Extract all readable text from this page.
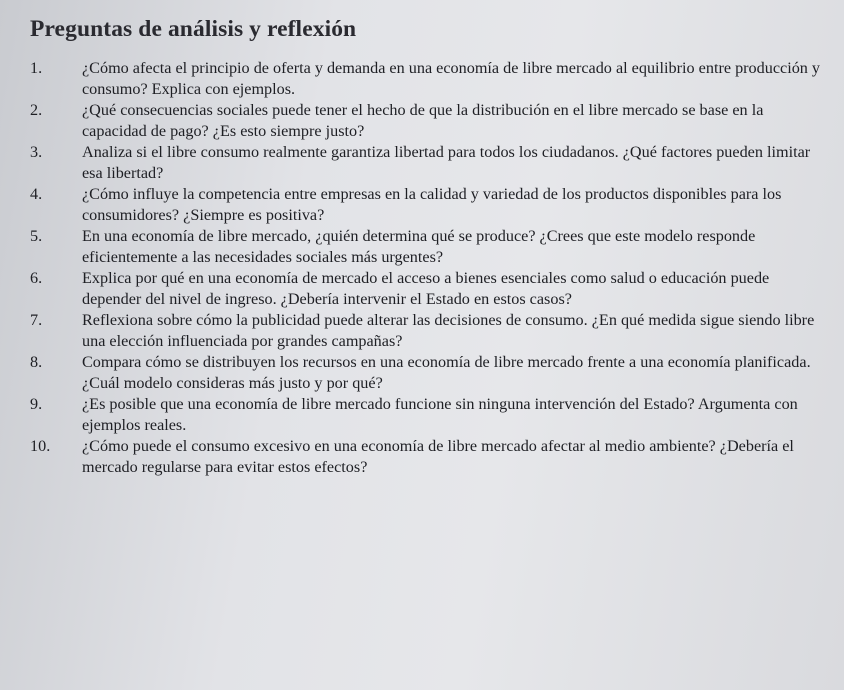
Preguntas de análisis y reflexión
1.	¿Cómo afecta el principio de oferta y demanda en una economía de libre mercado al equilibrio entre producción y consumo? Explica con ejemplos.
2.	¿Qué consecuencias sociales puede tener el hecho de que la distribución en el libre mercado se base en la capacidad de pago? ¿Es esto siempre justo?
3.	Analiza si el libre consumo realmente garantiza libertad para todos los ciudadanos. ¿Qué factores pueden limitar esa libertad?
4.	¿Cómo influye la competencia entre empresas en la calidad y variedad de los productos disponibles para los consumidores? ¿Siempre es positiva?
5.	En una economía de libre mercado, ¿quién determina qué se produce? ¿Crees que este modelo responde eficientemente a las necesidades sociales más urgentes?
6.	Explica por qué en una economía de mercado el acceso a bienes esenciales como salud o educación puede depender del nivel de ingreso. ¿Debería intervenir el Estado en estos casos?
7.	Reflexiona sobre cómo la publicidad puede alterar las decisiones de consumo. ¿En qué medida sigue siendo libre una elección influenciada por grandes campañas?
8.	Compara cómo se distribuyen los recursos en una economía de libre mercado frente a una economía planificada. ¿Cuál modelo consideras más justo y por qué?
9.	¿Es posible que una economía de libre mercado funcione sin ninguna intervención del Estado? Argumenta con ejemplos reales.
10.	¿Cómo puede el consumo excesivo en una economía de libre mercado afectar al medio ambiente? ¿Debería el mercado regularse para evitar estos efectos?
